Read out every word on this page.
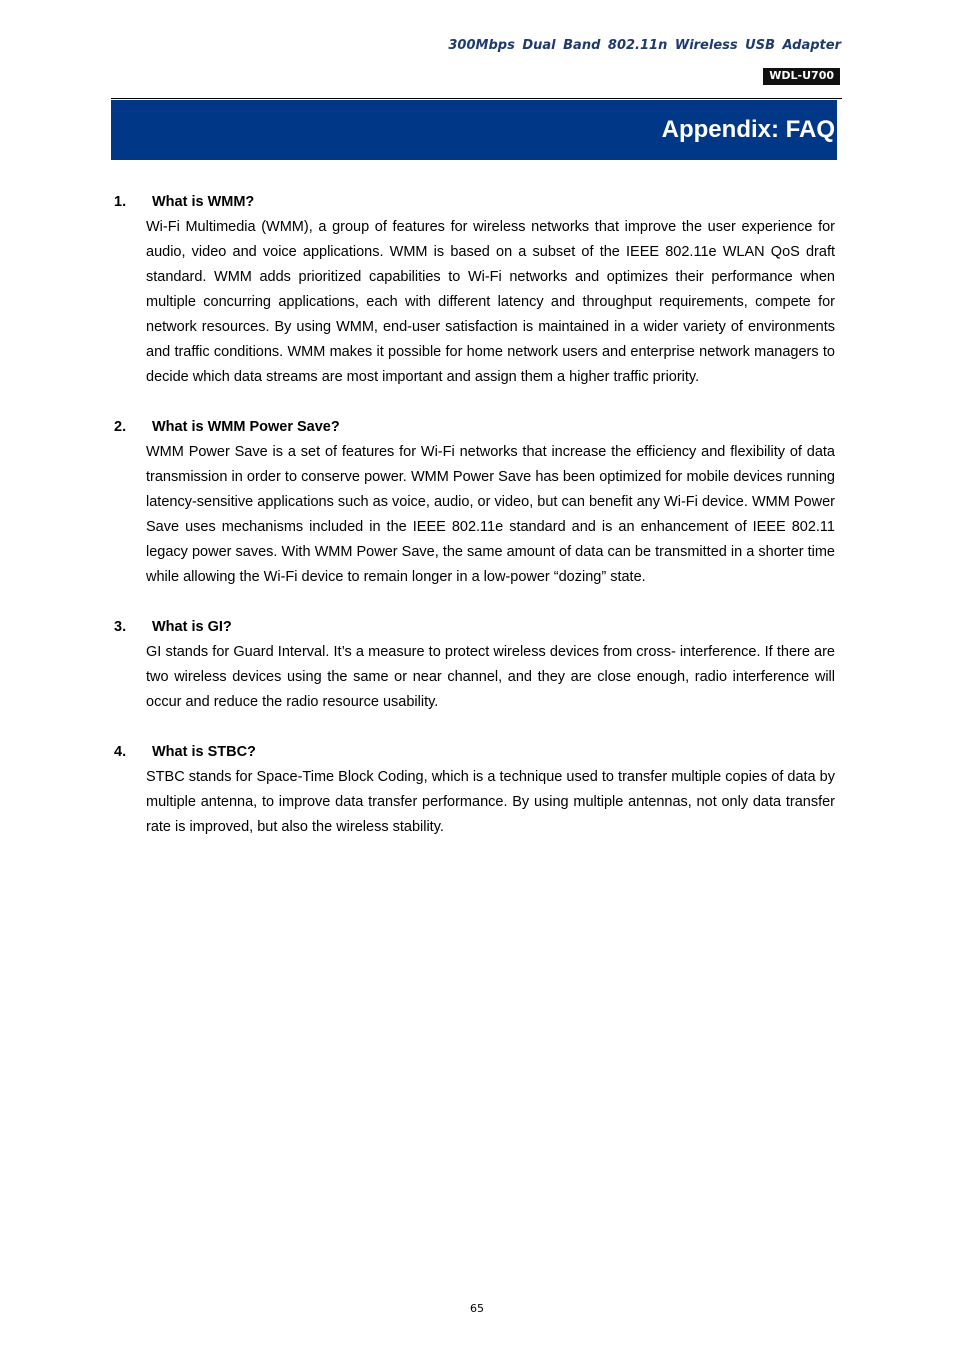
300Mbps Dual Band 802.11n Wireless USB Adapter
WDL-U700
Appendix: FAQ
1. What is WMM?

Wi-Fi Multimedia (WMM), a group of features for wireless networks that improve the user experience for audio, video and voice applications. WMM is based on a subset of the IEEE 802.11e WLAN QoS draft standard. WMM adds prioritized capabilities to Wi-Fi networks and optimizes their performance when multiple concurring applications, each with different latency and throughput requirements, compete for network resources. By using WMM, end-user satisfaction is maintained in a wider variety of environments and traffic conditions. WMM makes it possible for home network users and enterprise network managers to decide which data streams are most important and assign them a higher traffic priority.

2. What is WMM Power Save?

WMM Power Save is a set of features for Wi-Fi networks that increase the efficiency and flexibility of data transmission in order to conserve power. WMM Power Save has been optimized for mobile devices running latency-sensitive applications such as voice, audio, or video, but can benefit any Wi-Fi device. WMM Power Save uses mechanisms included in the IEEE 802.11e standard and is an enhancement of IEEE 802.11 legacy power saves. With WMM Power Save, the same amount of data can be transmitted in a shorter time while allowing the Wi-Fi device to remain longer in a low-power “dozing” state.

3. What is GI?

GI stands for Guard Interval. It’s a measure to protect wireless devices from cross- interference. If there are two wireless devices using the same or near channel, and they are close enough, radio interference will occur and reduce the radio resource usability.

4. What is STBC?

STBC stands for Space-Time Block Coding, which is a technique used to transfer multiple copies of data by multiple antenna, to improve data transfer performance. By using multiple antennas, not only data transfer rate is improved, but also the wireless stability.

65
